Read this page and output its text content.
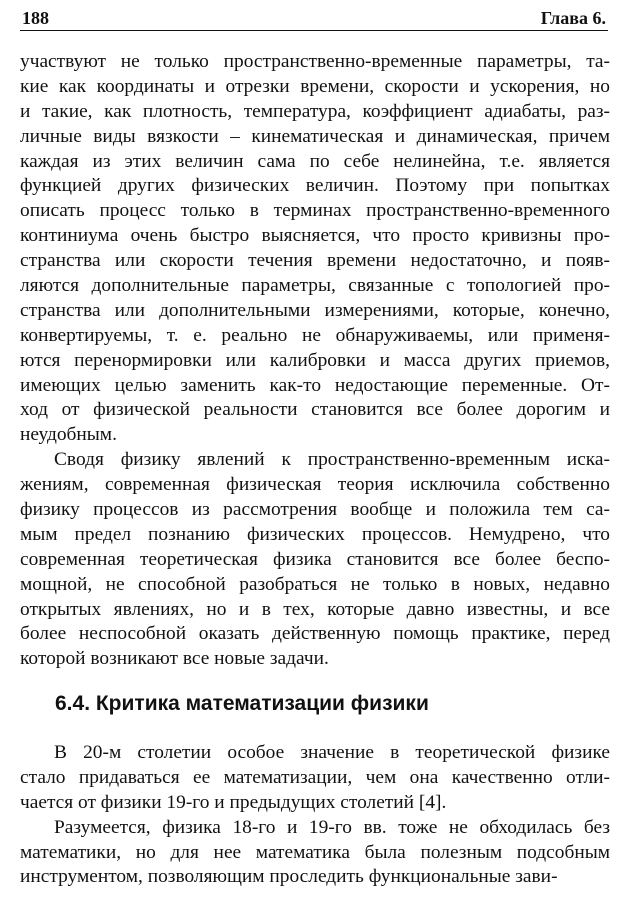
188	Глава 6.
участвуют не только пространственно-временные параметры, та-
кие как координаты и отрезки времени, скорости и ускорения, но
и такие, как плотность, температура, коэффициент адиабаты, раз-
личные виды вязкости – кинематическая и динамическая, причем
каждая из этих величин сама по себе нелинейна, т.е. является
функцией других физических величин. Поэтому при попытках
описать процесс только в терминах пространственно-временного
континиума очень быстро выясняется, что просто кривизны про-
странства или скорости течения времени недостаточно, и появ-
ляются дополнительные параметры, связанные с топологией про-
странства или дополнительными измерениями, которые, конечно,
конвертируемы, т. е. реально не обнаруживаемы, или применя-
ются перенормировки или калибровки и масса других приемов,
имеющих целью заменить как-то недостающие переменные. От-
ход от физической реальности становится все более дорогим и
неудобным.
Сводя физику явлений к пространственно-временным иска-
жениям, современная физическая теория исключила собственно
физику процессов из рассмотрения вообще и положила тем са-
мым предел познанию физических процессов. Немудрено, что
современная теоретическая физика становится все более беспо-
мощной, не способной разобраться не только в новых, недавно
открытых явлениях, но и в тех, которые давно известны, и все
более неспособной оказать действенную помощь практике, перед
которой возникают все новые задачи.
6.4. Критика математизации физики
В 20-м столетии особое значение в теоретической физике
стало придаваться ее математизации, чем она качественно отли-
чается от физики 19-го и предыдущих столетий [4].
Разумеется, физика 18-го и 19-го вв. тоже не обходилась без
математики, но для нее математика была полезным подсобным
инструментом, позволяющим проследить функциональные зави-
